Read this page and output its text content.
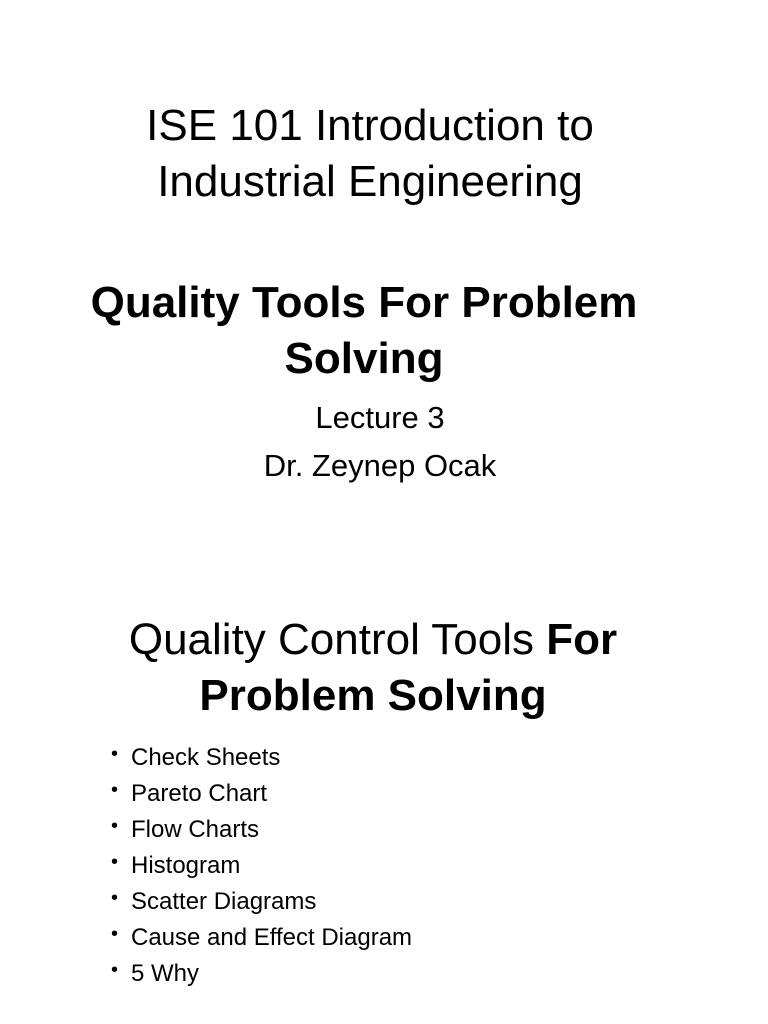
ISE 101 Introduction to
Industrial Engineering
Quality Tools For Problem
Solving
Lecture 3
Dr. Zeynep Ocak
Quality Control Tools For
Problem Solving
• Check Sheets
• Pareto Chart
• Flow Charts
• Histogram
• Scatter Diagrams
• Cause and Effect Diagram
• 5 Why
